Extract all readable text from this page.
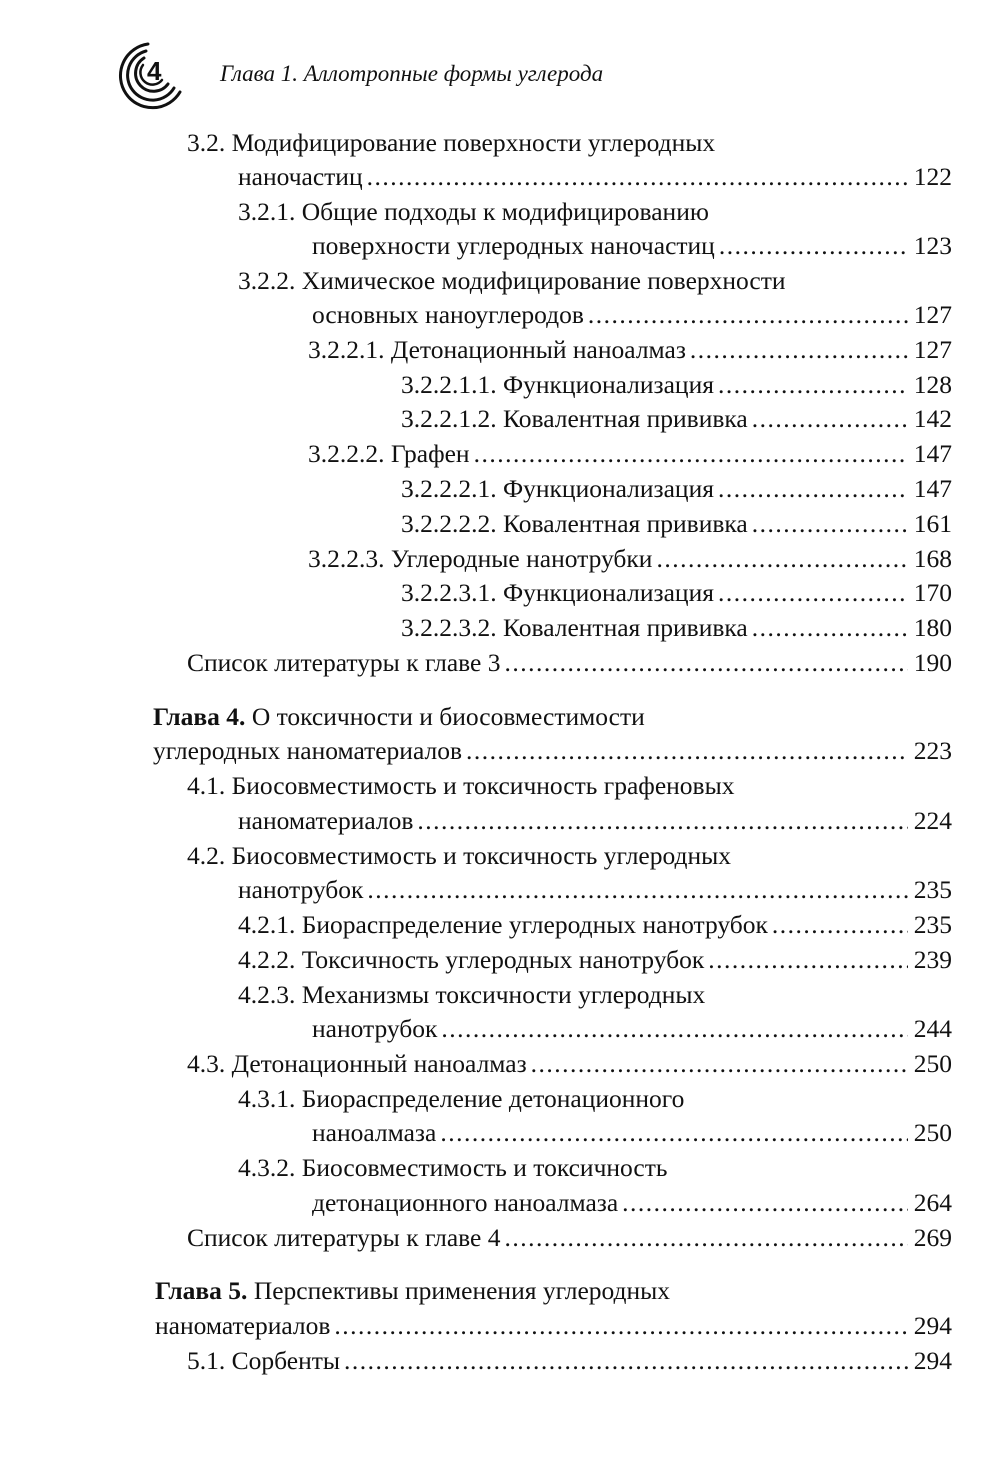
4	Глава 1. Аллотропные формы углерода
3.2. Модифицирование поверхности углеродных
наночастиц .....	122
3.2.1. Общие подходы к модифицированию
поверхности углеродных наночастиц .....	123
3.2.2. Химическое модифицирование поверхности
основных наноуглеродов .....	127
3.2.2.1. Детонационный наноалмаз .....	127
3.2.2.1.1. Функционализация .....	128
3.2.2.1.2. Ковалентная прививка .....	142
3.2.2.2. Графен .....	147
3.2.2.2.1. Функционализация .....	147
3.2.2.2.2. Ковалентная прививка .....	161
3.2.2.3. Углеродные нанотрубки .....	168
3.2.2.3.1. Функционализация .....	170
3.2.2.3.2. Ковалентная прививка .....	180
Список литературы к главе 3 .....	190
Глава 4. О токсичности и биосовместимости
углеродных наноматериалов .....	223
4.1. Биосовместимость и токсичность графеновых
наноматериалов .....	224
4.2. Биосовместимость и токсичность углеродных
нанотрубок .....	235
4.2.1. Биораспределение углеродных нанотрубок .....	235
4.2.2. Токсичность углеродных нанотрубок .....	239
4.2.3. Механизмы токсичности углеродных
нанотрубок .....	244
4.3. Детонационный наноалмаз .....	250
4.3.1. Биораспределение детонационного
наноалмаза .....	250
4.3.2. Биосовместимость и токсичность
детонационного наноалмаза .....	264
Список литературы к главе 4 .....	269
Глава 5. Перспективы применения углеродных
наноматериалов .....	294
5.1. Сорбенты .....	294
